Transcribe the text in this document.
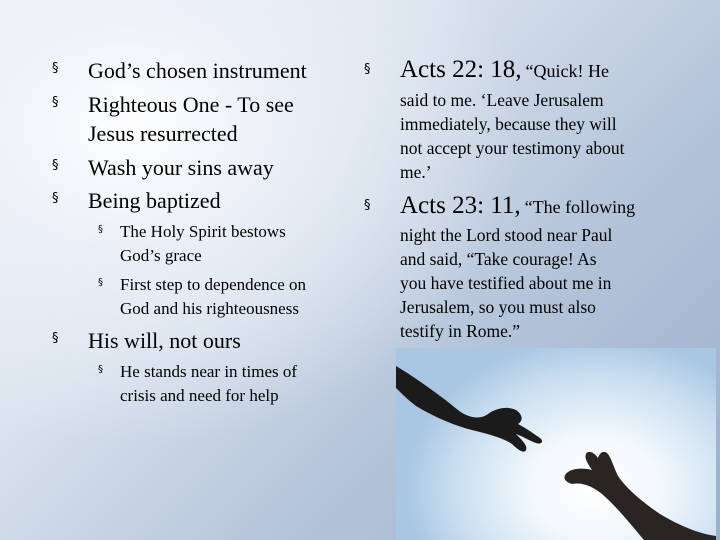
§ God’s chosen instrument
§ Righteous One - To see
Jesus resurrected
§ Wash your sins away
§ Being baptized
§ The Holy Spirit bestows
God’s grace
§ First step to dependence on
God and his righteousness
§ His will, not ours
§ He stands near in times of
crisis and need for help
§ Acts 22: 18, “Quick! He
said to me. ‘Leave Jerusalem
immediately, because they will
not accept your testimony about
me.’
§ Acts 23: 11, “The following
night the Lord stood near Paul
and said, “Take courage! As
you have testified about me in
Jerusalem, so you must also
testify in Rome.”
